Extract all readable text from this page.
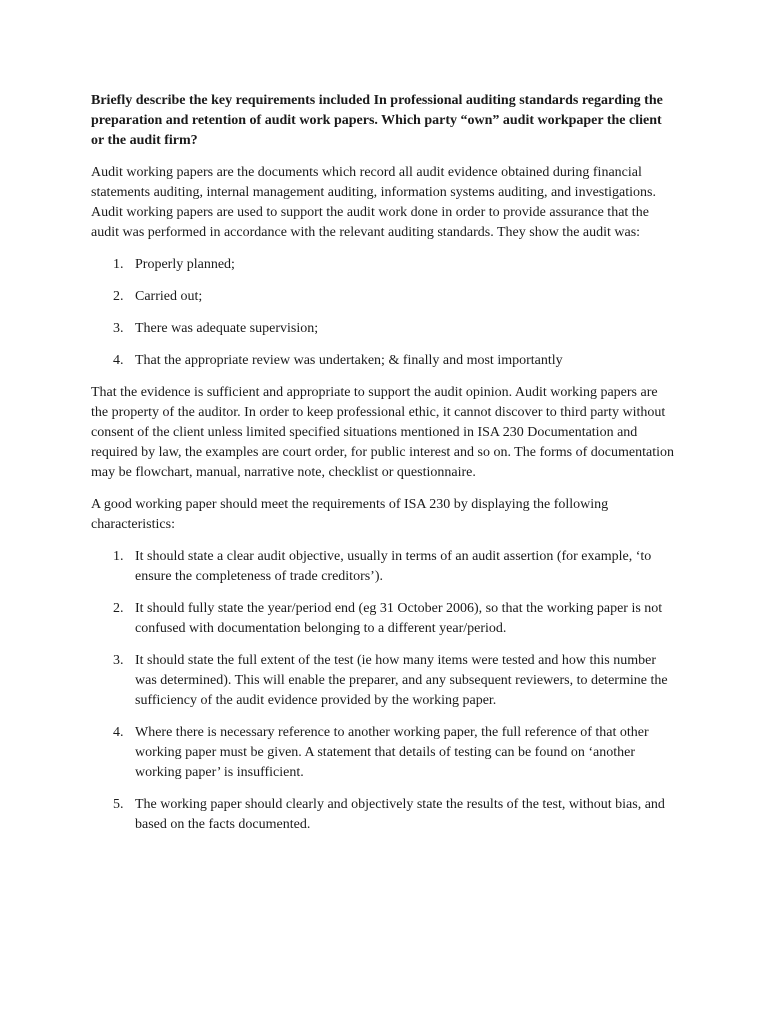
Briefly describe the key requirements included In professional auditing standards regarding the preparation and retention of audit work papers. Which party “own” audit workpaper the client or the audit firm?

Audit working papers are the documents which record all audit evidence obtained during financial statements auditing, internal management auditing, information systems auditing, and investigations. Audit working papers are used to support the audit work done in order to provide assurance that the audit was performed in accordance with the relevant auditing standards. They show the audit was:

1. Properly planned;
2. Carried out;
3. There was adequate supervision;
4. That the appropriate review was undertaken; & finally and most importantly

That the evidence is sufficient and appropriate to support the audit opinion. Audit working papers are the property of the auditor. In order to keep professional ethic, it cannot discover to third party without consent of the client unless limited specified situations mentioned in ISA 230 Documentation and required by law, the examples are court order, for public interest and so on. The forms of documentation may be flowchart, manual, narrative note, checklist or questionnaire.

A good working paper should meet the requirements of ISA 230 by displaying the following characteristics:

1. It should state a clear audit objective, usually in terms of an audit assertion (for example, ‘to ensure the completeness of trade creditors’).
2. It should fully state the year/period end (eg 31 October 2006), so that the working paper is not confused with documentation belonging to a different year/period.
3. It should state the full extent of the test (ie how many items were tested and how this number was determined). This will enable the preparer, and any subsequent reviewers, to determine the sufficiency of the audit evidence provided by the working paper.
4. Where there is necessary reference to another working paper, the full reference of that other working paper must be given. A statement that details of testing can be found on ‘another working paper’ is insufficient.
5. The working paper should clearly and objectively state the results of the test, without bias, and based on the facts documented.
